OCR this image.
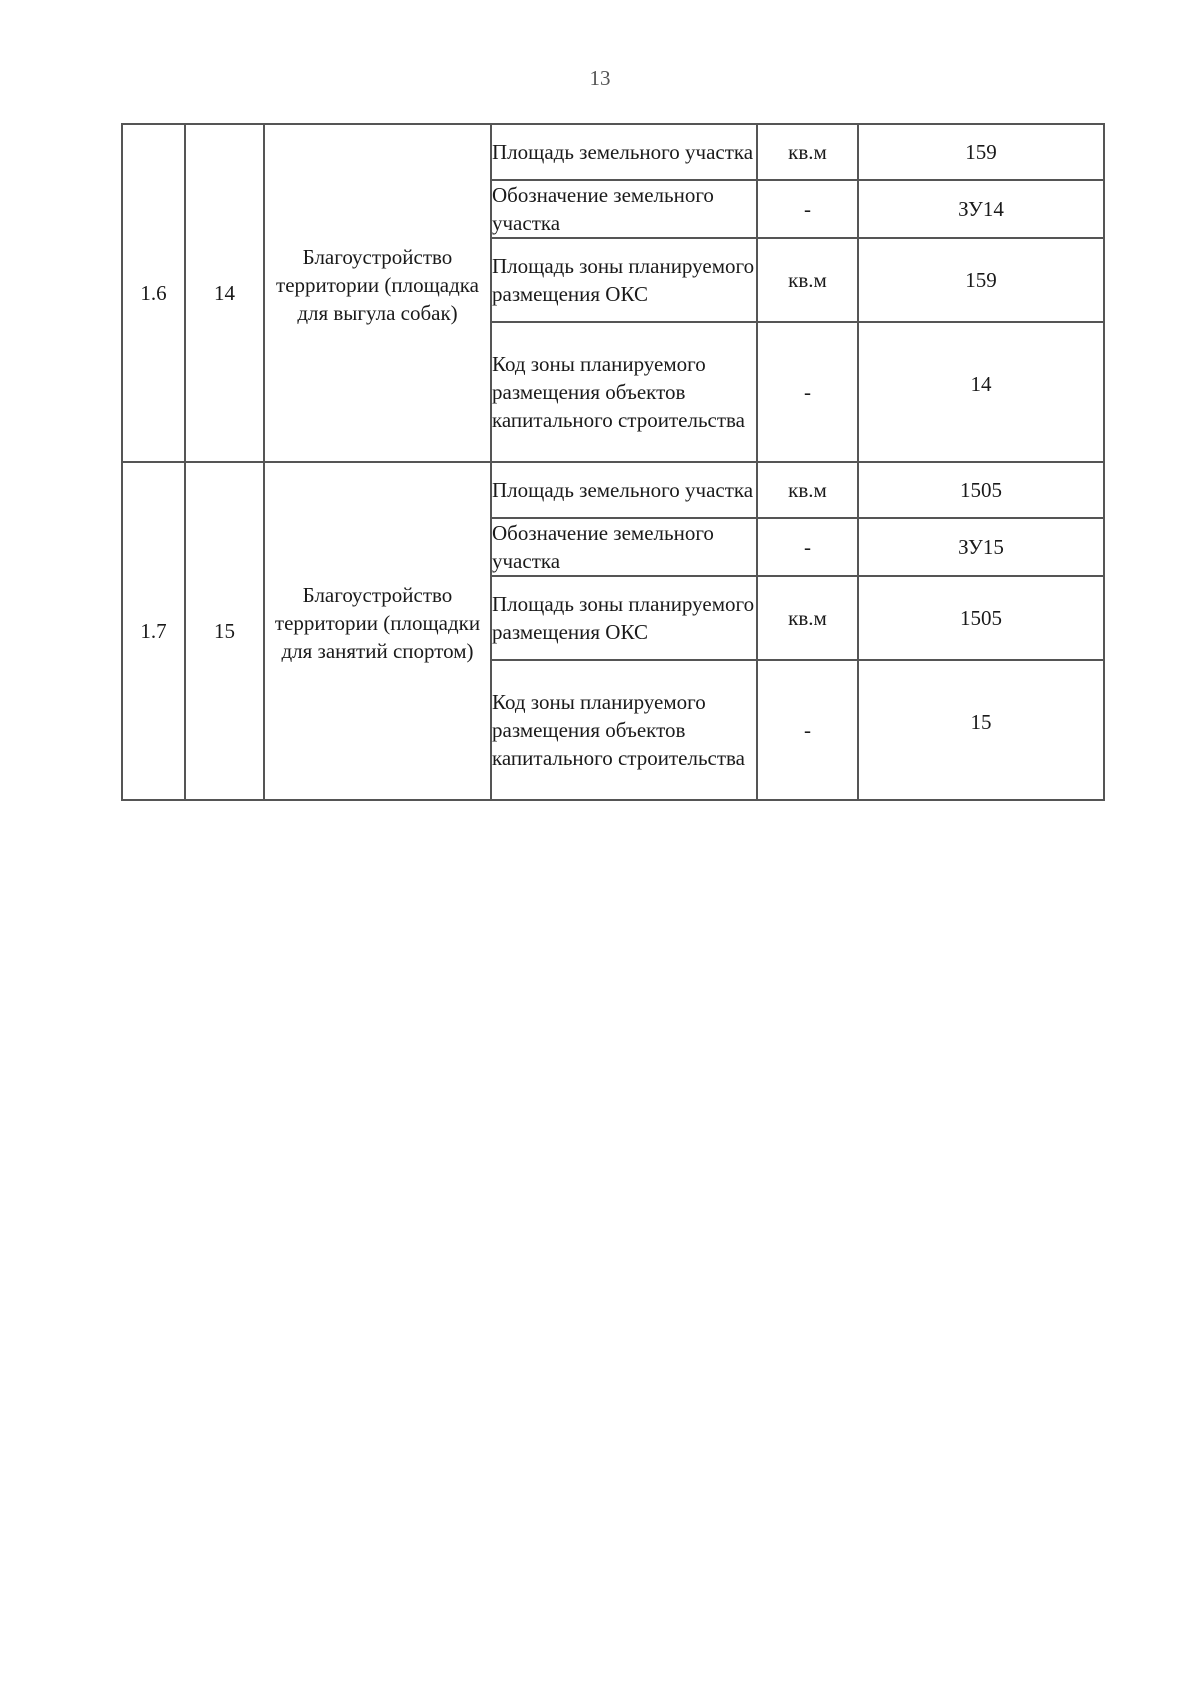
13
1.6	14	Благоустройство территории (площадка для выгула собак)	Площадь земельного участка	кв.м	159
			Обозначение земельного участка	-	ЗУ14
			Площадь зоны планируемого размещения ОКС	кв.м	159
			Код зоны планируемого размещения объектов капитального строительства	-	14
1.7	15	Благоустройство территории (площадки для занятий спортом)	Площадь земельного участка	кв.м	1505
			Обозначение земельного участка	-	ЗУ15
			Площадь зоны планируемого размещения ОКС	кв.м	1505
			Код зоны планируемого размещения объектов капитального строительства	-	15
